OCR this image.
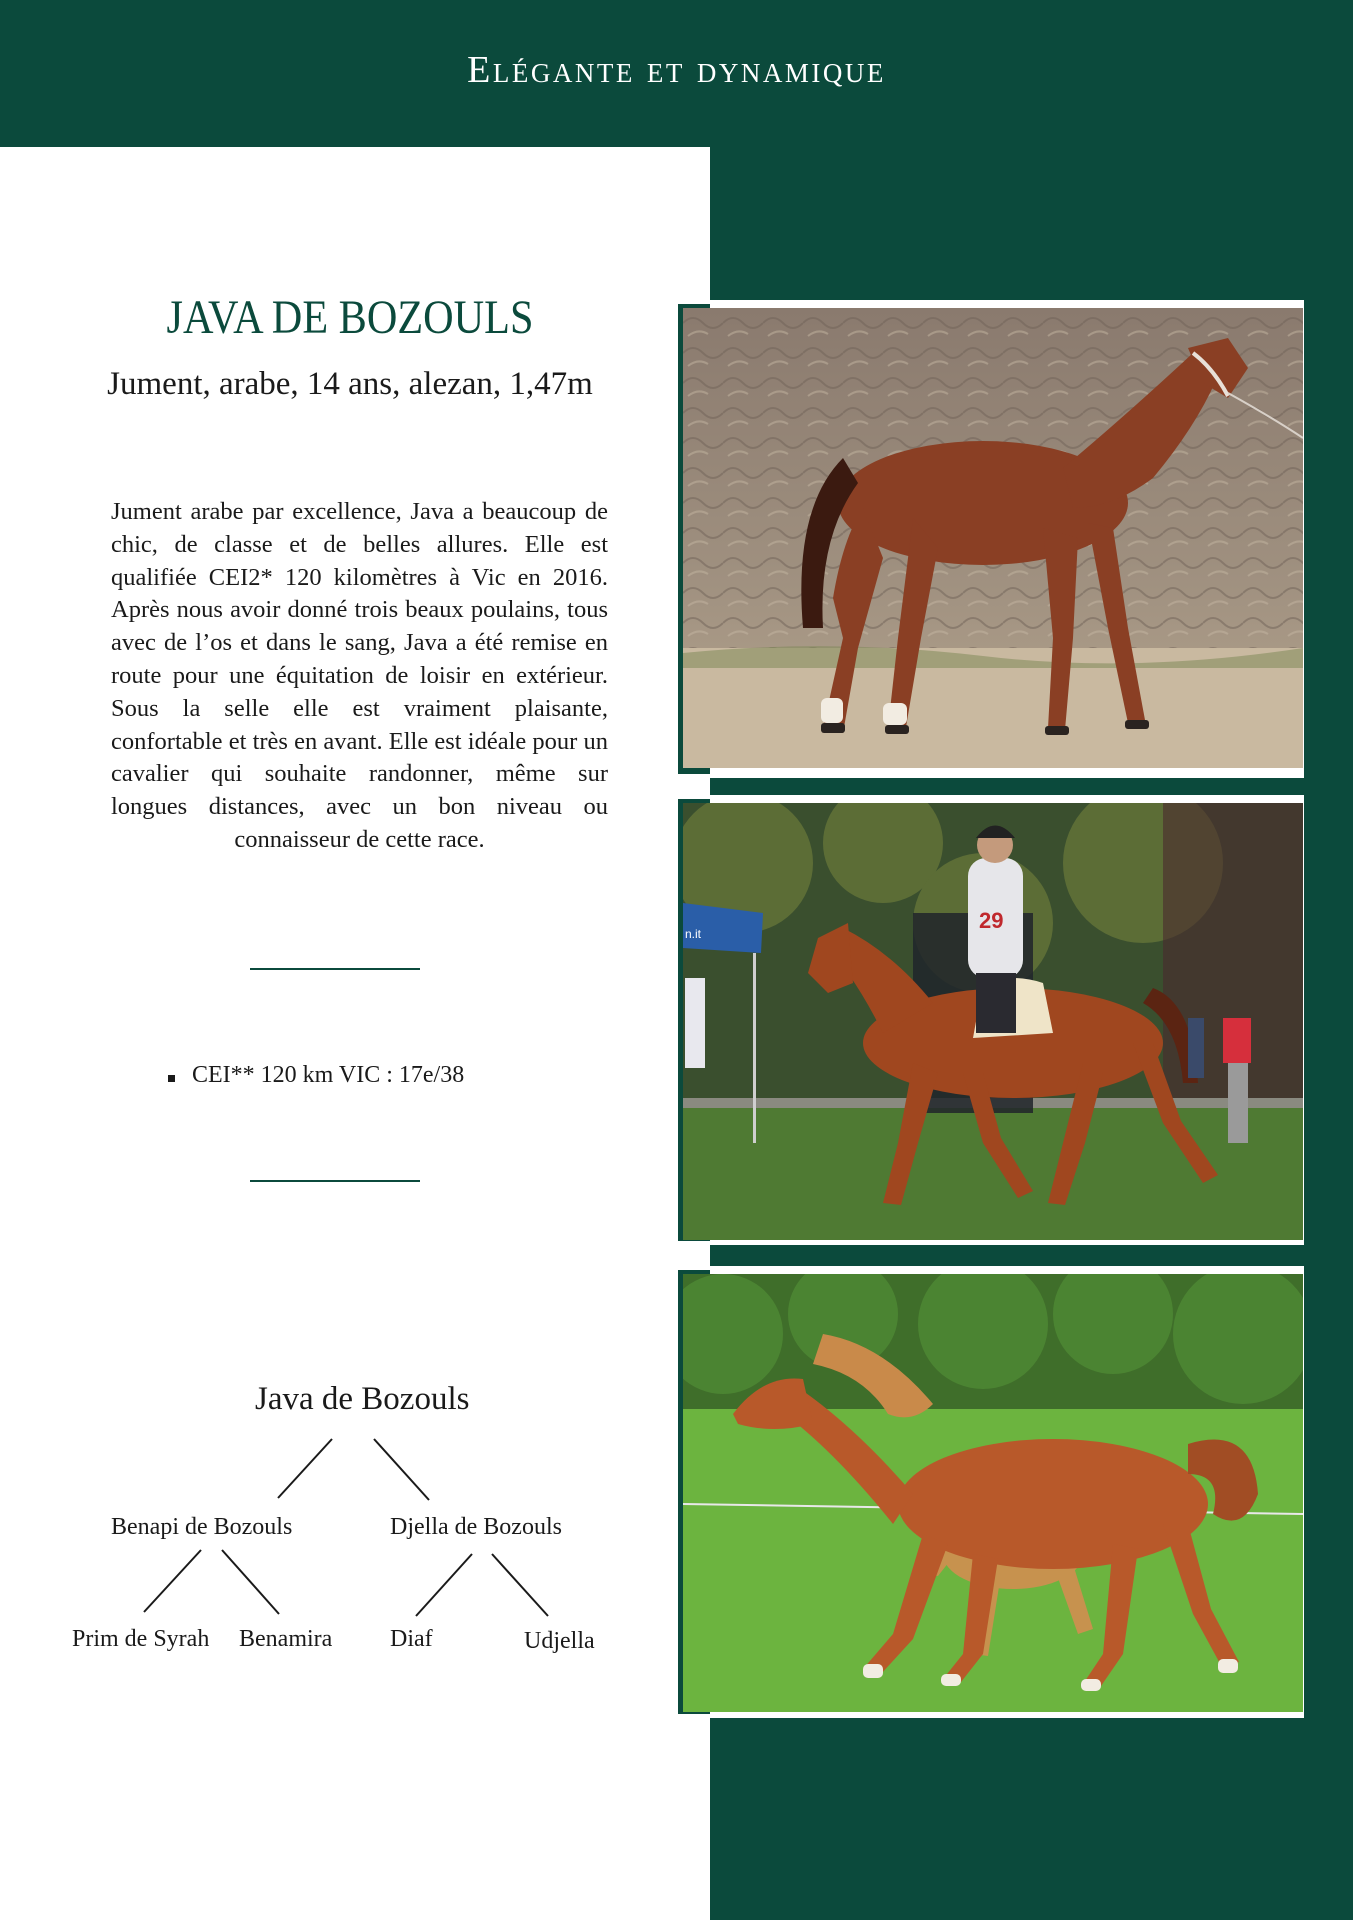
Elégante et dynamique
JAVA DE BOZOULS
Jument, arabe, 14 ans, alezan, 1,47m
Jument arabe par excellence, Java a beaucoup de chic, de classe et de belles allures. Elle est qualifiée CEI2* 120 kilomètres à Vic en 2016. Après nous avoir donné trois beaux poulains, tous avec de l’os et dans le sang, Java a été remise en route pour une équitation de loisir en extérieur. Sous la selle elle est vraiment plaisante, confortable et très en avant. Elle est idéale pour un cavalier qui souhaite randonner, même sur longues distances, avec un bon niveau ou connaisseur de cette race.
CEI** 120 km VIC : 17e/38
Java de Bozouls
Benapi de Bozouls	Djella de Bozouls
Prim de Syrah Benamira Diaf	Udjella
n.it
29
